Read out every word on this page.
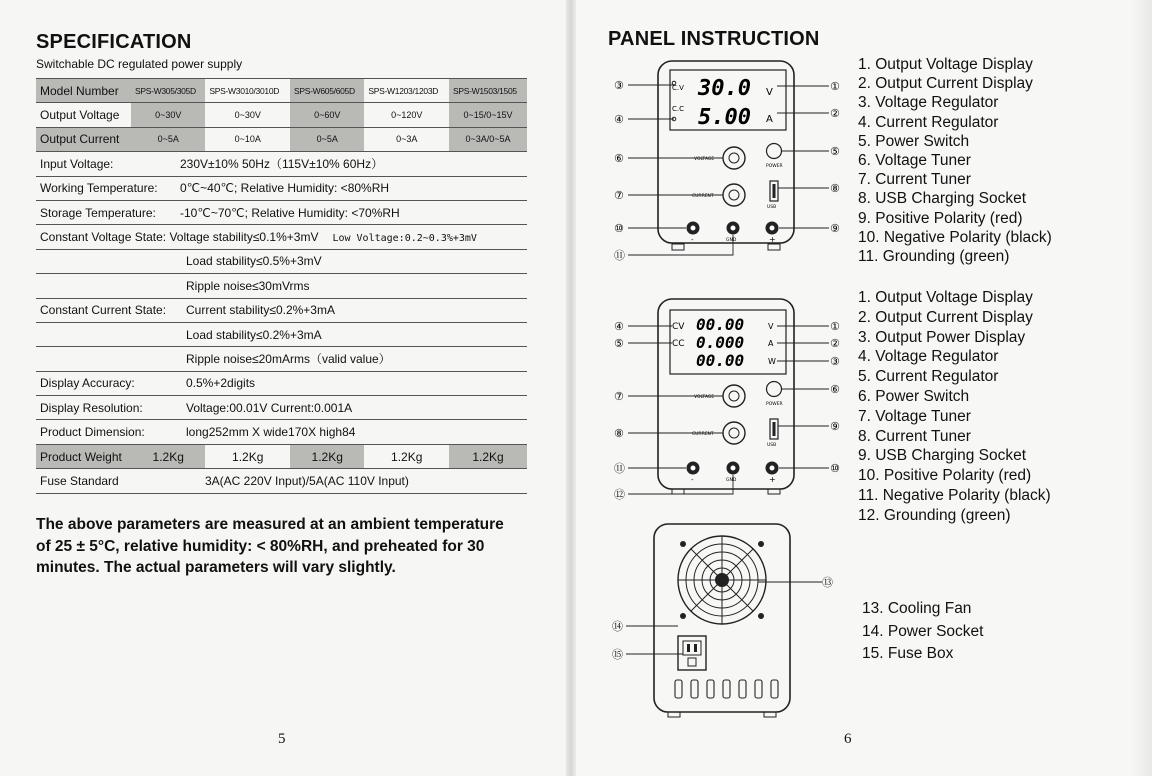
SPECIFICATION
Switchable DC regulated power supply
Model Number	SPS-W305/305D	SPS-W3010/3010D	SPS-W605/605D	SPS-W1203/1203D	SPS-W1503/1505
Output Voltage	0~30V	0~30V	0~60V	0~120V	0~15/0~15V
Output Current	0~5A	0~10A	0~5A	0~3A	0~3A/0~5A
Input Voltage: 230V±10% 50Hz（115V±10% 60Hz）					
Working Temperature: 0℃~40℃; Relative Humidity: <80%RH					
Storage Temperature: -10℃~70℃; Relative Humidity: <70%RH					
Constant Voltage State: Voltage stability≤0.1%+3mV Low Voltage:0.2~0.3%+3mV					
Load stability≤0.5%+3mV					
Ripple noise≤30mVrms					
Constant Current State: Current stability≤0.2%+3mA					
Load stability≤0.2%+3mA					
Ripple noise≤20mArms（valid value）					
Display Accuracy: 0.5%+2digits					
Display Resolution: Voltage:00.01V Current:0.001A					
Product Dimension: long252mm X wide170X high84					
Product Weight	1.2Kg	1.2Kg	1.2Kg	1.2Kg	1.2Kg
Fuse Standard	3A(AC 220V Input)/5A(AC 110V Input)				
The above parameters are measured at an ambient temperature of 25 ± 5°C, relative humidity: < 80%RH, and preheated for 30 minutes. The actual parameters will vary slightly.
5
PANEL INSTRUCTION
C.V
C.C
30.0
5.00
V
A
VOLTAGE
CURRENT
POWER
USB
-	GND	+
③
④
①
②
⑥
⑦
⑤
⑧
⑩	⑨
⑪
1. Output Voltage Display
2. Output Current Display
3. Voltage Regulator
4. Current Regulator
5. Power Switch
6. Voltage Tuner
7. Current Tuner
8. USB Charging Socket
9. Positive Polarity (red)
10. Negative Polarity (black)
11. Grounding (green)
CV
CC
00.00
0.000
00.00
V
A
W
VOLTAGE
CURRENT
POWER
USB
-	GND	+
④
⑤
①
②
③
⑦
⑧
⑥
⑨
⑪	⑩
⑫
1. Output Voltage Display
2. Output Current Display
3. Output Power Display
4. Voltage Regulator
5. Current Regulator
6. Power Switch
7. Voltage Tuner
8. Current Tuner
9. USB Charging Socket
10. Positive Polarity (red)
11. Negative Polarity (black)
12. Grounding (green)
⑬
⑭
⑮
13. Cooling Fan
14. Power Socket
15. Fuse Box
6
